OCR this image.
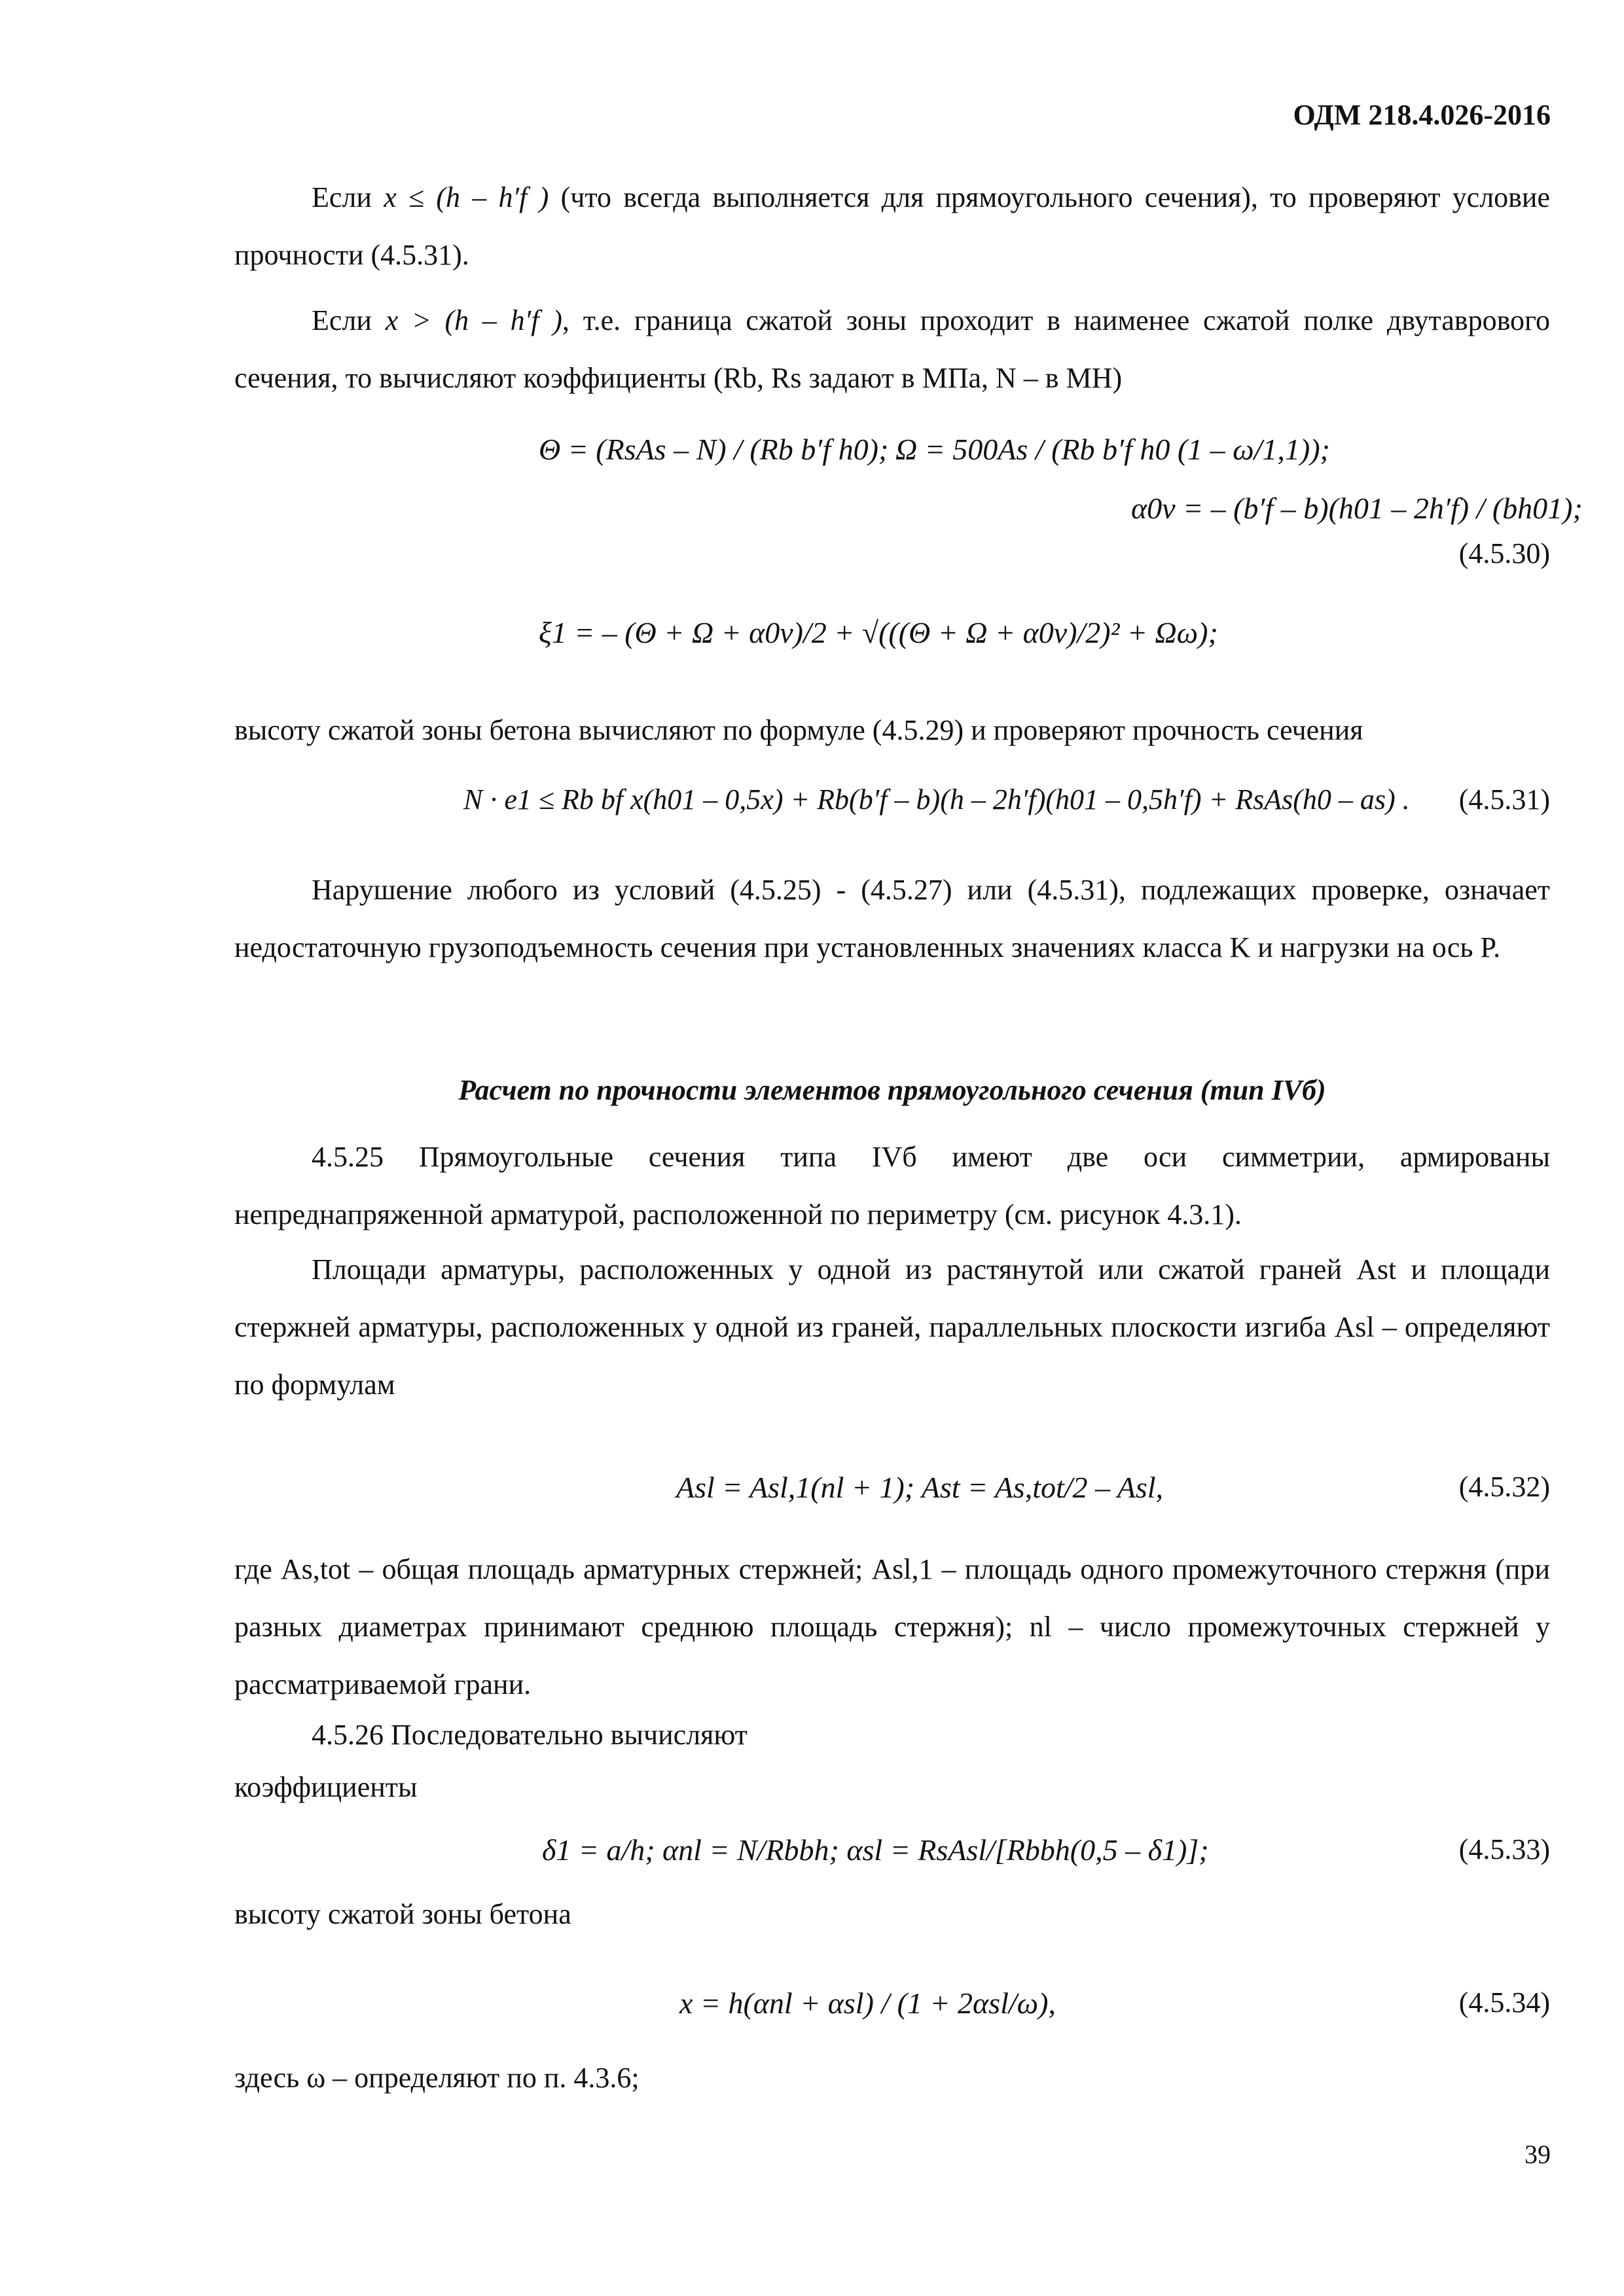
ОДМ 218.4.026-2016
Если x ≤ (h – h′f ) (что всегда выполняется для прямоугольного сечения), то проверяют условие прочности (4.5.31).
Если x > (h – h′f ), т.е. граница сжатой зоны проходит в наименее сжатой полке двутаврового сечения, то вычисляют коэффициенты (Rb, Rs задают в МПа, N – в МН)
Θ = (RsAs – N) / (Rb b′f h0); Ω = 500As / (Rb b′f h0 (1 – ω/1,1));
α0v = – (b′f – b)(h01 – 2h′f) / (bh01);
(4.5.30)
ξ1 = – (Θ + Ω + α0v)/2 + √(((Θ + Ω + α0v)/2)² + Ωω);
высоту сжатой зоны бетона вычисляют по формуле (4.5.29) и проверяют прочность сечения
N · e1 ≤ Rb bf x(h01 – 0,5x) + Rb(b′f – b)(h – 2h′f)(h01 – 0,5h′f) + RsAs(h0 – as) . (4.5.31)
Нарушение любого из условий (4.5.25) - (4.5.27) или (4.5.31), подлежащих проверке, означает недостаточную грузоподъемность сечения при установленных значениях класса K и нагрузки на ось P.
Расчет по прочности элементов прямоугольного сечения (тип IVб)
4.5.25 Прямоугольные сечения типа IVб имеют две оси симметрии, армированы непреднапряженной арматурой, расположенной по периметру (см. рисунок 4.3.1).
Площади арматуры, расположенных у одной из растянутой или сжатой граней Ast и площади стержней арматуры, расположенных у одной из граней, параллельных плоскости изгиба Asl – определяют по формулам
Asl = Asl,1(nl + 1); Ast = As,tot/2 – Asl,	(4.5.32)
где As,tot – общая площадь арматурных стержней; Asl,1 – площадь одного промежуточного стержня (при разных диаметрах принимают среднюю площадь стержня); nl – число промежуточных стержней у рассматриваемой грани.
4.5.26 Последовательно вычисляют
коэффициенты
δ1 = a/h; αnl = N/Rbbh; αsl = RsAsl/[Rbbh(0,5 – δ1)];	(4.5.33)
высоту сжатой зоны бетона
x = h(αnl + αsl) / (1 + 2αsl/ω),	(4.5.34)
здесь ω – определяют по п. 4.3.6;
39
